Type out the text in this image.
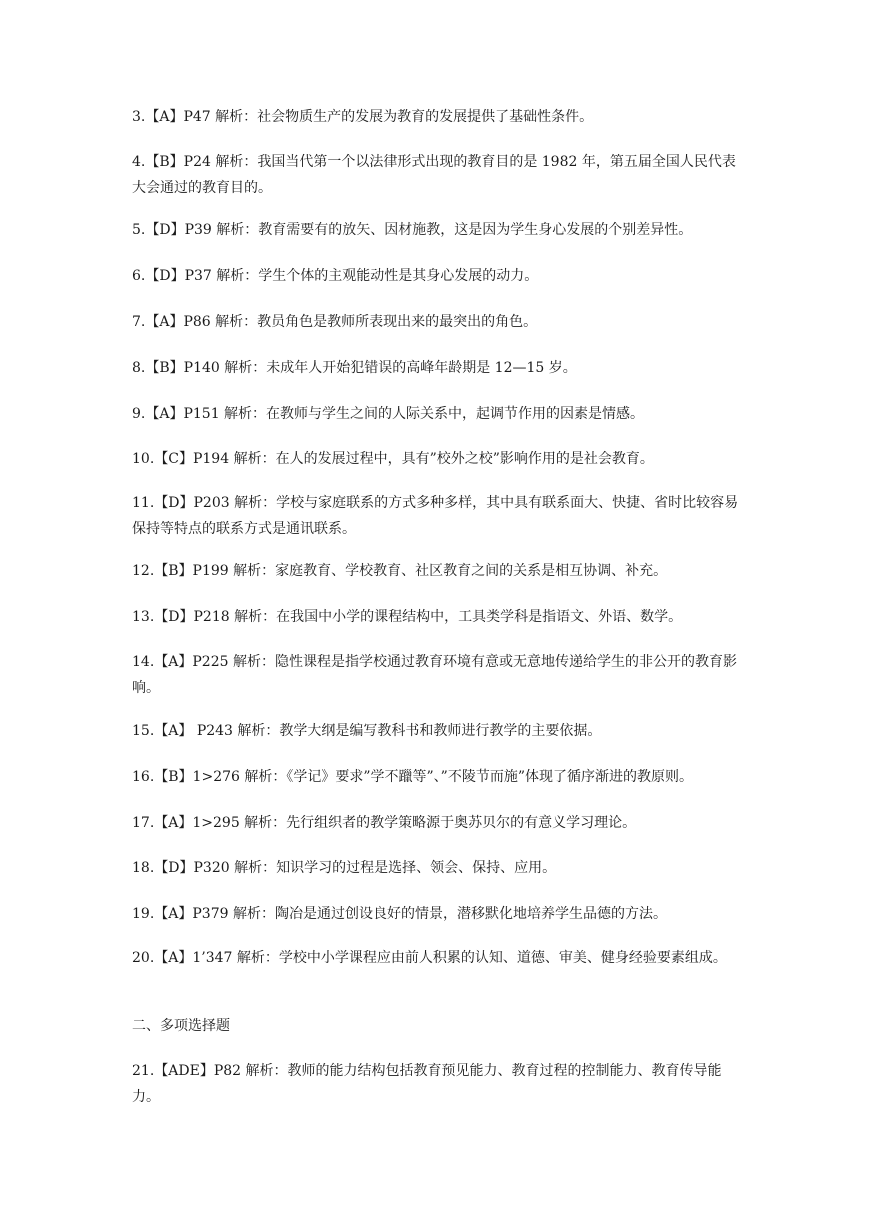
3.【A】P47 解析：社会物质生产的发展为教育的发展提供了基础性条件。

4.【B】P24 解析：我国当代第一个以法律形式出现的教育目的是 1982 年，第五届全国人民代表大会通过的教育目的。

5.【D】P39 解析：教育需要有的放矢、因材施教，这是因为学生身心发展的个别差异性。

6.【D】P37 解析：学生个体的主观能动性是其身心发展的动力。

7.【A】P86 解析：教员角色是教师所表现出来的最突出的角色。

8.【B】P140 解析：未成年人开始犯错误的高峰年龄期是 12—15 岁。

9.【A】P151 解析：在教师与学生之间的人际关系中，起调节作用的因素是情感。

10.【C】P194 解析：在人的发展过程中，具有”校外之校”影响作用的是社会教育。

11.【D】P203 解析：学校与家庭联系的方式多种多样，其中具有联系面大、快捷、省时比较容易保持等特点的联系方式是通讯联系。

12.【B】P199 解析：家庭教育、学校教育、社区教育之间的关系是相互协调、补充。

13.【D】P218 解析：在我国中小学的课程结构中，工具类学科是指语文、外语、数学。

14.【A】P225 解析：隐性课程是指学校通过教育环境有意或无意地传递给学生的非公开的教育影响。

15.【A】 P243 解析：教学大纲是编写教科书和教师进行教学的主要依据。

16.【B】1>276 解析：《学记》要求”学不躐等”、”不陵节而施”体现了循序渐进的教原则。

17.【A】1>295 解析：先行组织者的教学策略源于奥苏贝尔的有意义学习理论。

18.【D】P320 解析：知识学习的过程是选择、领会、保持、应用。

19.【A】P379 解析：陶冶是通过创设良好的情景，潜移默化地培养学生品德的方法。

20.【A】1’347 解析：学校中小学课程应由前人积累的认知、道德、审美、健身经验要素组成。

二、多项选择题

21.【ADE】P82 解析：教师的能力结构包括教育预见能力、教育过程的控制能力、教育传导能力。
